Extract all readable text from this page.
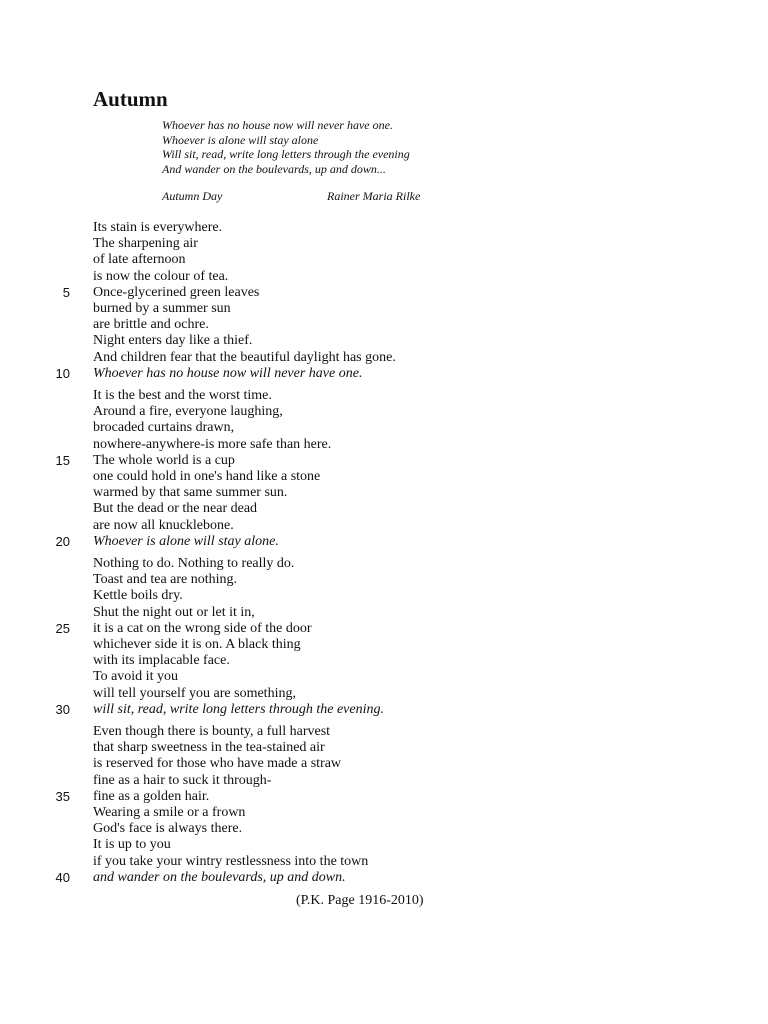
Autumn
Whoever has no house now will never have one.
Whoever is alone will stay alone
Will sit, read, write long letters through the evening
And wander on the boulevards, up and down...
Autumn Day	Rainer Maria Rilke
Its stain is everywhere.
The sharpening air
of late afternoon
is now the colour of tea.
5 Once-glycerined green leaves
burned by a summer sun
are brittle and ochre.
Night enters day like a thief.
And children fear that the beautiful daylight has gone.
10 Whoever has no house now will never have one.
It is the best and the worst time.
Around a fire, everyone laughing,
brocaded curtains drawn,
nowhere-anywhere-is more safe than here.
15 The whole world is a cup
one could hold in one's hand like a stone
warmed by that same summer sun.
But the dead or the near dead
are now all knucklebone.
20 Whoever is alone will stay alone.
Nothing to do. Nothing to really do.
Toast and tea are nothing.
Kettle boils dry.
Shut the night out or let it in,
25 it is a cat on the wrong side of the door
whichever side it is on. A black thing
with its implacable face.
To avoid it you
will tell yourself you are something,
30 will sit, read, write long letters through the evening.
Even though there is bounty, a full harvest
that sharp sweetness in the tea-stained air
is reserved for those who have made a straw
fine as a hair to suck it through-
35 fine as a golden hair.
Wearing a smile or a frown
God's face is always there.
It is up to you
if you take your wintry restlessness into the town
40 and wander on the boulevards, up and down.
(P.K. Page 1916-2010)
